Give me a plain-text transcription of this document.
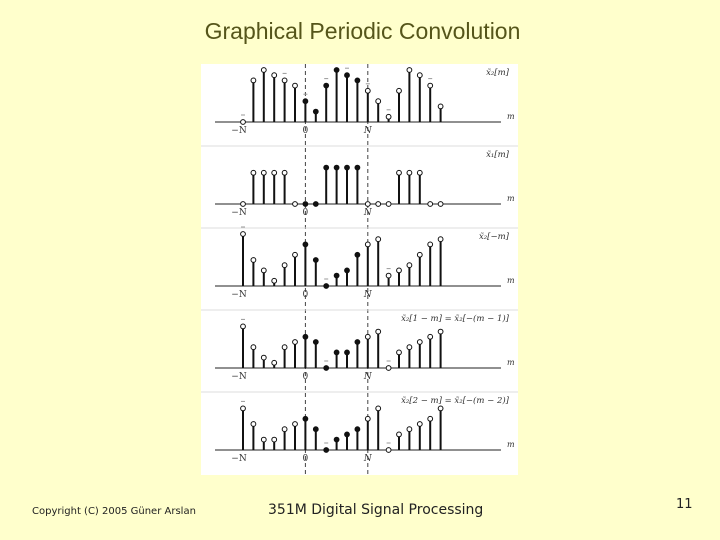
Graphical Periodic Convolution
−N	0	N
m
x̃₂[m]
−N	0	N
m
x̃₁[m]
−N	0	N
m
x̃₂[−m]
−N	0	N
m
x̃₂[1 − m] = x̃₂[−(m − 1)]
−N	0	N
m
x̃₂[2 − m] = x̃₂[−(m − 2)]
Copyright (C) 2005 Güner Arslan	351M Digital Signal Processing	11
